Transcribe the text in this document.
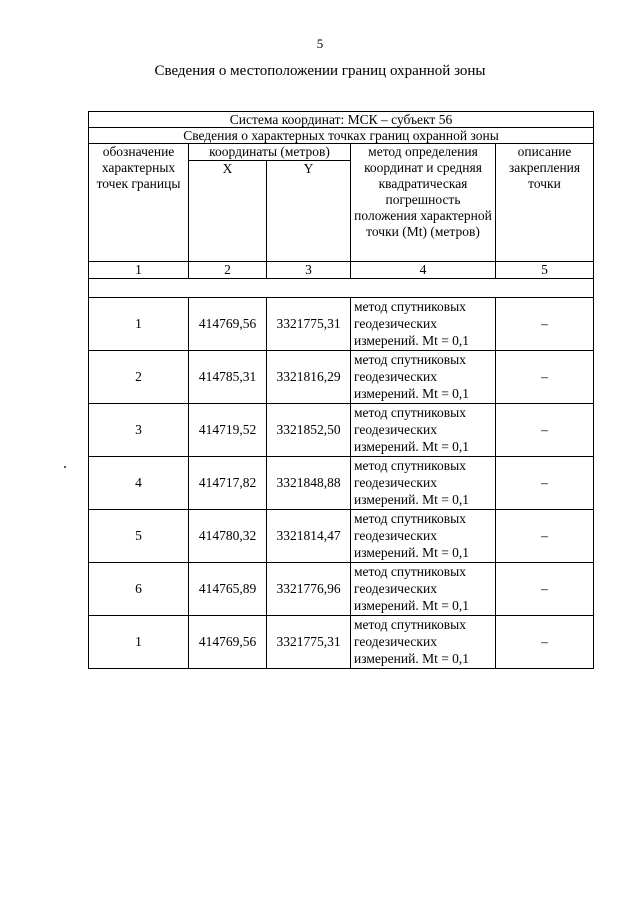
5
Сведения о местоположении границ охранной зоны
Система координат: МСК – субъект 56				
Сведения о характерных точках границ охранной зоны				
обозначение характерных точек границы	координаты (метров)		метод определения координат и средняя квадратическая погрешность положения характерной точки (Mt) (метров)	описание закрепления точки
	X	Y		
1	2	3	4	5

1	414769,56	3321775,31	метод спутниковых геодезических измерений. Mt = 0,1	–
2	414785,31	3321816,29	метод спутниковых геодезических измерений. Mt = 0,1	–
3	414719,52	3321852,50	метод спутниковых геодезических измерений. Mt = 0,1	–
4	414717,82	3321848,88	метод спутниковых геодезических измерений. Mt = 0,1	–
5	414780,32	3321814,47	метод спутниковых геодезических измерений. Mt = 0,1	–
6	414765,89	3321776,96	метод спутниковых геодезических измерений. Mt = 0,1	–
1	414769,56	3321775,31	метод спутниковых геодезических измерений. Mt = 0,1	–
